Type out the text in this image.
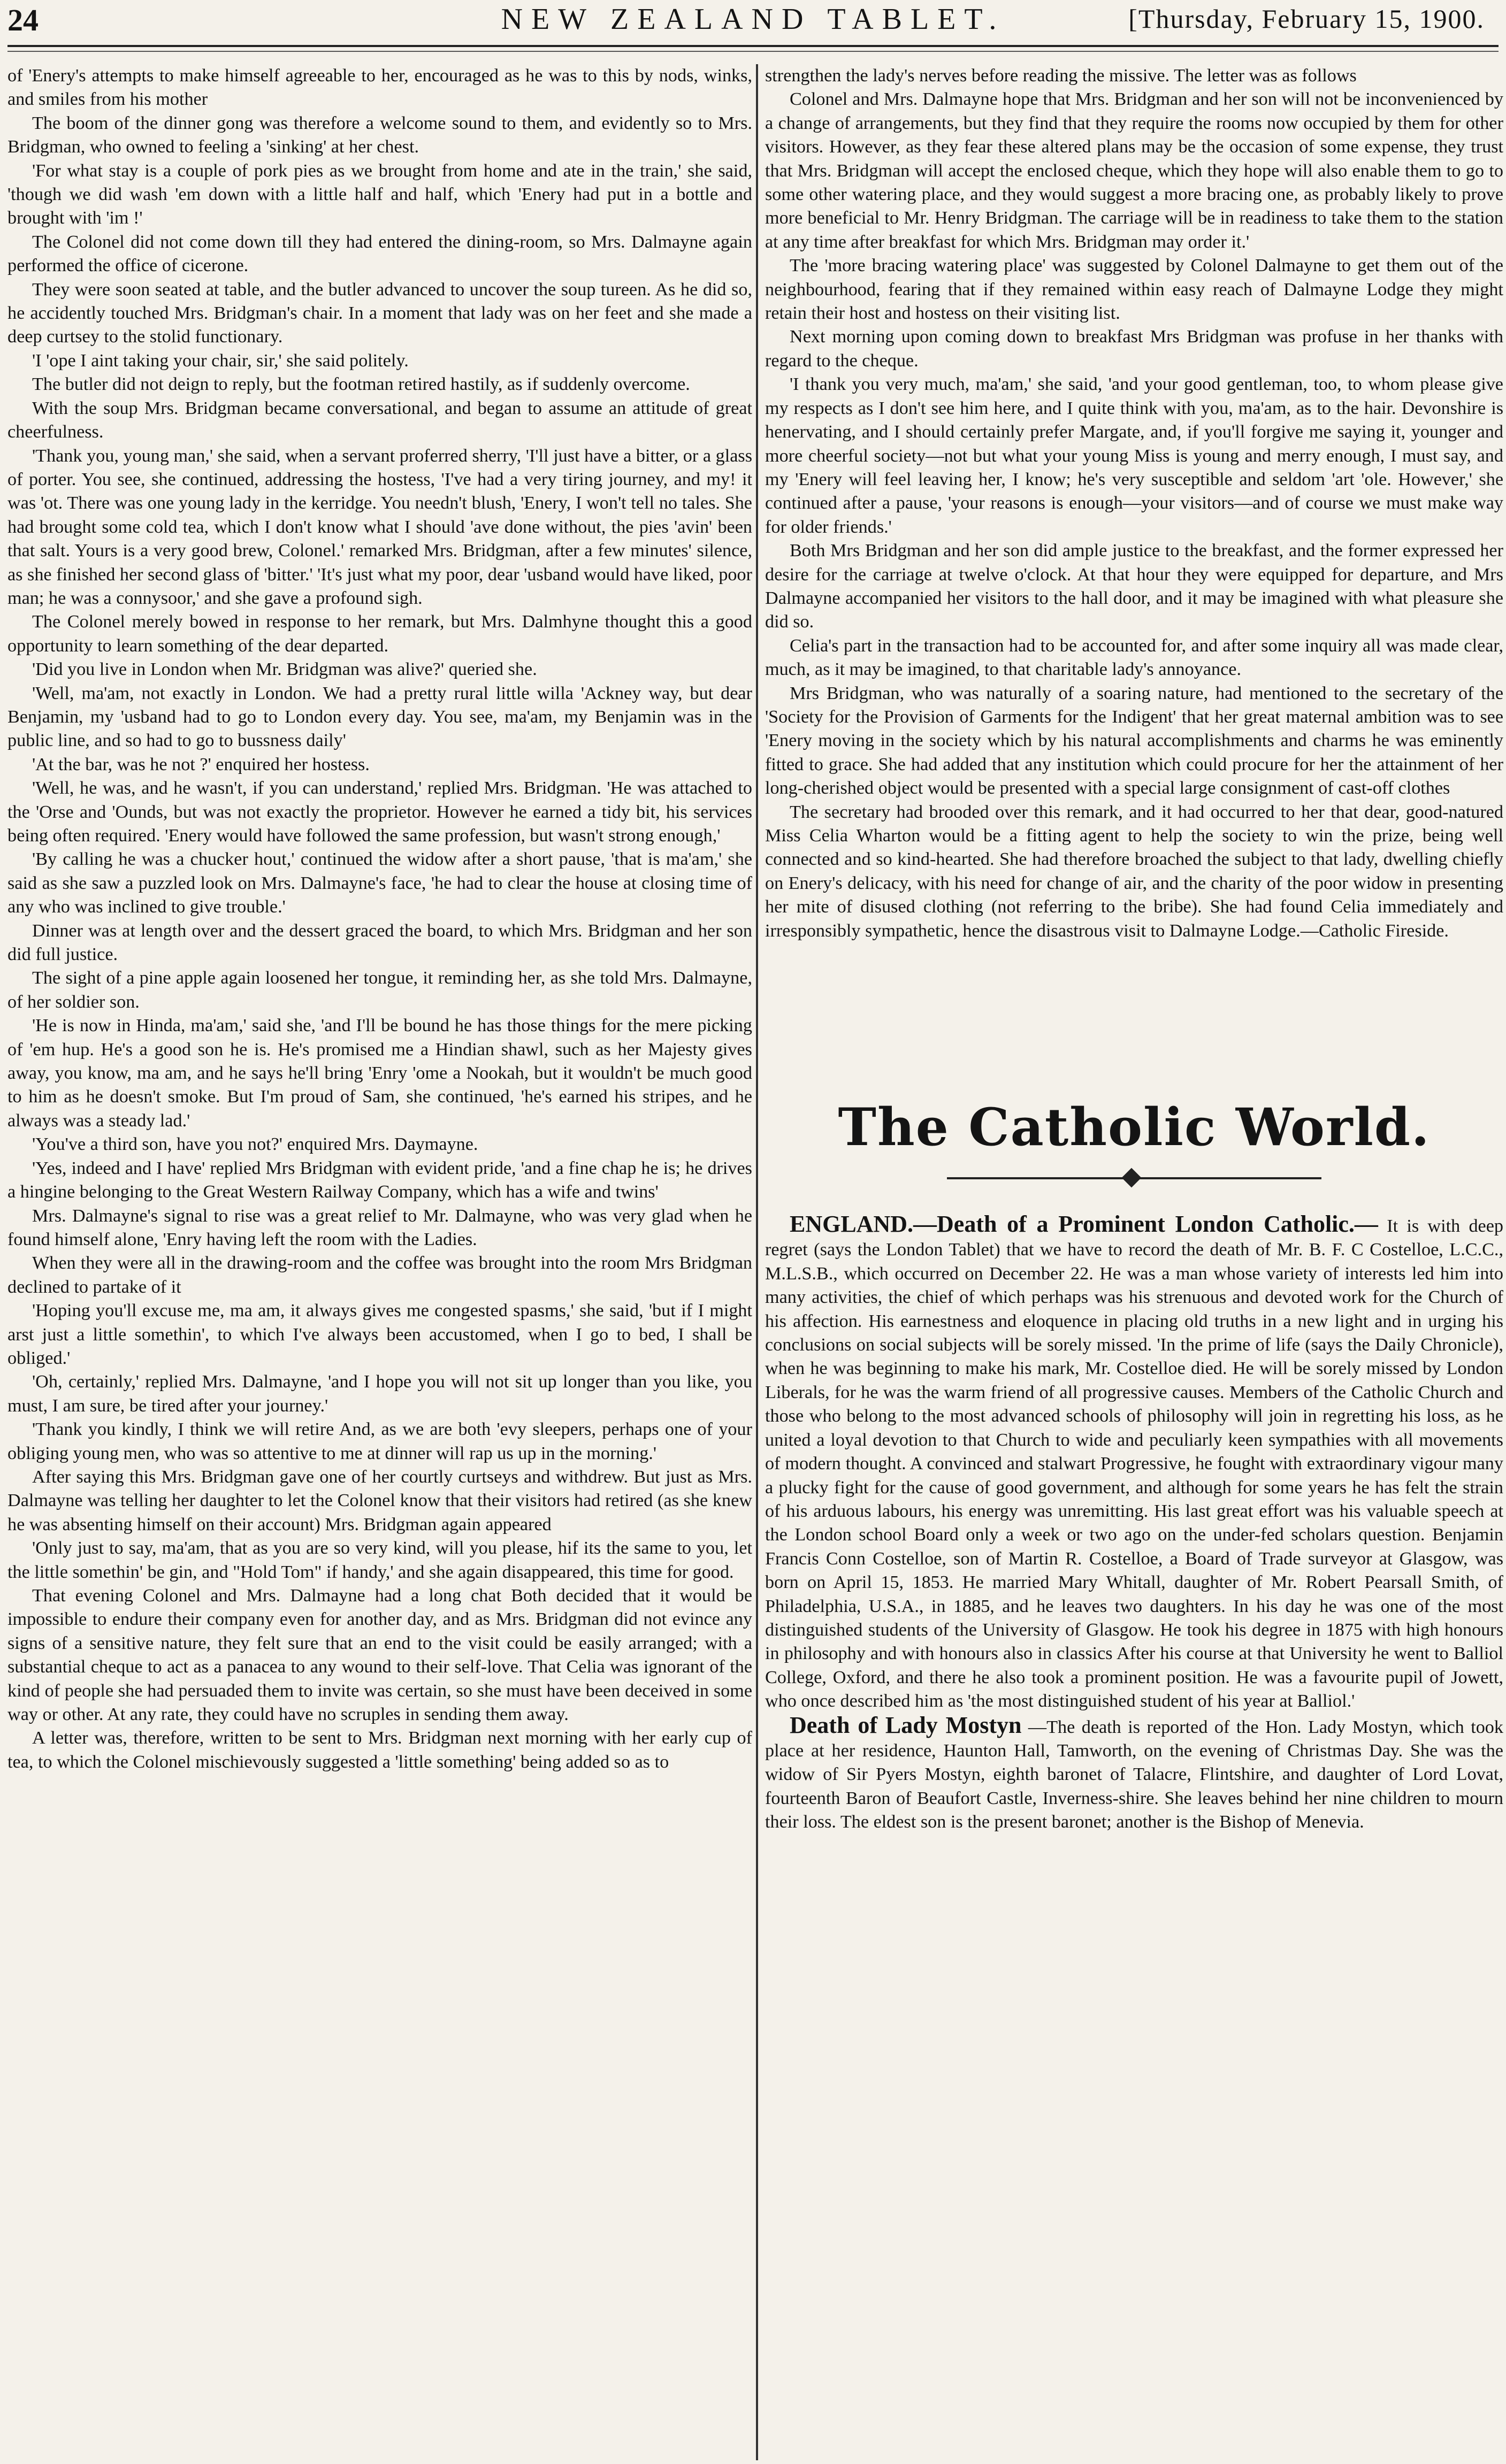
24	NEW ZEALAND TABLET.	[Thursday, February 15, 1900.

of 'Enery's attempts to make himself agreeable to her, encouraged as he was to this by nods, winks, and smiles from his mother

The boom of the dinner gong was therefore a welcome sound to them, and evidently so to Mrs. Bridgman, who owned to feeling a 'sinking' at her chest.

'For what stay is a couple of pork pies as we brought from home and ate in the train,' she said, 'though we did wash 'em down with a little half and half, which 'Enery had put in a bottle and brought with 'im !'

The Colonel did not come down till they had entered the dining-room, so Mrs. Dalmayne again performed the office of cicerone.

They were soon seated at table, and the butler advanced to uncover the soup tureen. As he did so, he accidently touched Mrs. Bridgman's chair. In a moment that lady was on her feet and she made a deep curtsey to the stolid functionary.

'I 'ope I aint taking your chair, sir,' she said politely.

The butler did not deign to reply, but the footman retired hastily, as if suddenly overcome.

With the soup Mrs. Bridgman became conversational, and began to assume an attitude of great cheerfulness.

'Thank you, young man,' she said, when a servant proferred sherry, 'I'll just have a bitter, or a glass of porter. You see, she continued, addressing the hostess, 'I've had a very tiring journey, and my! it was 'ot. There was one young lady in the kerridge. You needn't blush, 'Enery, I won't tell no tales. She had brought some cold tea, which I don't know what I should 'ave done without, the pies 'avin' been that salt. Yours is a very good brew, Colonel.' remarked Mrs. Bridgman, after a few minutes' silence, as she finished her second glass of 'bitter.' 'It's just what my poor, dear 'usband would have liked, poor man; he was a connysoor,' and she gave a profound sigh.

The Colonel merely bowed in response to her remark, but Mrs. Dalmhyne thought this a good opportunity to learn something of the dear departed.

'Did you live in London when Mr. Bridgman was alive?' queried she.

'Well, ma'am, not exactly in London. We had a pretty rural little willa 'Ackney way, but dear Benjamin, my 'usband had to go to London every day. You see, ma'am, my Benjamin was in the public line, and so had to go to bussness daily'

'At the bar, was he not ?' enquired her hostess.

'Well, he was, and he wasn't, if you can understand,' replied Mrs. Bridgman. 'He was attached to the 'Orse and 'Ounds, but was not exactly the proprietor. However he earned a tidy bit, his services being often required. 'Enery would have followed the same profession, but wasn't strong enough,'

'By calling he was a chucker hout,' continued the widow after a short pause, 'that is ma'am,' she said as she saw a puzzled look on Mrs. Dalmayne's face, 'he had to clear the house at closing time of any who was inclined to give trouble.'

Dinner was at length over and the dessert graced the board, to which Mrs. Bridgman and her son did full justice.

The sight of a pine apple again loosened her tongue, it reminding her, as she told Mrs. Dalmayne, of her soldier son.

'He is now in Hinda, ma'am,' said she, 'and I'll be bound he has those things for the mere picking of 'em hup. He's a good son he is. He's promised me a Hindian shawl, such as her Majesty gives away, you know, ma am, and he says he'll bring 'Enry 'ome a Nookah, but it wouldn't be much good to him as he doesn't smoke. But I'm proud of Sam, she continued, 'he's earned his stripes, and he always was a steady lad.'

'You've a third son, have you not?' enquired Mrs. Daymayne.

'Yes, indeed and I have' replied Mrs Bridgman with evident pride, 'and a fine chap he is; he drives a hingine belonging to the Great Western Railway Company, which has a wife and twins'

Mrs. Dalmayne's signal to rise was a great relief to Mr. Dalmayne, who was very glad when he found himself alone, 'Enry having left the room with the Ladies.

When they were all in the drawing-room and the coffee was brought into the room Mrs Bridgman declined to partake of it

'Hoping you'll excuse me, ma am, it always gives me congested spasms,' she said, 'but if I might arst just a little somethin', to which I've always been accustomed, when I go to bed, I shall be obliged.'

'Oh, certainly,' replied Mrs. Dalmayne, 'and I hope you will not sit up longer than you like, you must, I am sure, be tired after your journey.'

'Thank you kindly, I think we will retire And, as we are both 'evy sleepers, perhaps one of your obliging young men, who was so attentive to me at dinner will rap us up in the morning.'

After saying this Mrs. Bridgman gave one of her courtly curtseys and withdrew. But just as Mrs. Dalmayne was telling her daughter to let the Colonel know that their visitors had retired (as she knew he was absenting himself on their account) Mrs. Bridgman again appeared

'Only just to say, ma'am, that as you are so very kind, will you please, hif its the same to you, let the little somethin' be gin, and "Hold Tom" if handy,' and she again disappeared, this time for good.

That evening Colonel and Mrs. Dalmayne had a long chat Both decided that it would be impossible to endure their company even for another day, and as Mrs. Bridgman did not evince any signs of a sensitive nature, they felt sure that an end to the visit could be easily arranged; with a substantial cheque to act as a panacea to any wound to their self-love. That Celia was ignorant of the kind of people she had persuaded them to invite was certain, so she must have been deceived in some way or other. At any rate, they could have no scruples in sending them away.

A letter was, therefore, written to be sent to Mrs. Bridgman next morning with her early cup of tea, to which the Colonel mischievously suggested a 'little something' being added so as to

strengthen the lady's nerves before reading the missive. The letter was as follows

Colonel and Mrs. Dalmayne hope that Mrs. Bridgman and her son will not be inconvenienced by a change of arrangements, but they find that they require the rooms now occupied by them for other visitors. However, as they fear these altered plans may be the occasion of some expense, they trust that Mrs. Bridgman will accept the enclosed cheque, which they hope will also enable them to go to some other watering place, and they would suggest a more bracing one, as probably likely to prove more beneficial to Mr. Henry Bridgman. The carriage will be in readiness to take them to the station at any time after breakfast for which Mrs. Bridgman may order it.'

The 'more bracing watering place' was suggested by Colonel Dalmayne to get them out of the neighbourhood, fearing that if they remained within easy reach of Dalmayne Lodge they might retain their host and hostess on their visiting list.

Next morning upon coming down to breakfast Mrs Bridgman was profuse in her thanks with regard to the cheque.

'I thank you very much, ma'am,' she said, 'and your good gentleman, too, to whom please give my respects as I don't see him here, and I quite think with you, ma'am, as to the hair. Devonshire is henervating, and I should certainly prefer Margate, and, if you'll forgive me saying it, younger and more cheerful society—not but what your young Miss is young and merry enough, I must say, and my 'Enery will feel leaving her, I know; he's very susceptible and seldom 'art 'ole. However,' she continued after a pause, 'your reasons is enough—your visitors—and of course we must make way for older friends.'

Both Mrs Bridgman and her son did ample justice to the breakfast, and the former expressed her desire for the carriage at twelve o'clock. At that hour they were equipped for departure, and Mrs Dalmayne accompanied her visitors to the hall door, and it may be imagined with what pleasure she did so.

Celia's part in the transaction had to be accounted for, and after some inquiry all was made clear, much, as it may be imagined, to that charitable lady's annoyance.

Mrs Bridgman, who was naturally of a soaring nature, had mentioned to the secretary of the 'Society for the Provision of Garments for the Indigent' that her great maternal ambition was to see 'Enery moving in the society which by his natural accomplishments and charms he was eminently fitted to grace. She had added that any institution which could procure for her the attainment of her long-cherished object would be presented with a special large consignment of cast-off clothes

The secretary had brooded over this remark, and it had occurred to her that dear, good-natured Miss Celia Wharton would be a fitting agent to help the society to win the prize, being well connected and so kind-hearted. She had therefore broached the subject to that lady, dwelling chiefly on Enery's delicacy, with his need for change of air, and the charity of the poor widow in presenting her mite of disused clothing (not referring to the bribe). She had found Celia immediately and irresponsibly sympathetic, hence the disastrous visit to Dalmayne Lodge.—Catholic Fireside.

The Catholic World.

ENGLAND.—Death of a Prominent London Catholic.— It is with deep regret (says the London Tablet) that we have to record the death of Mr. B. F. C Costelloe, L.C.C., M.L.S.B., which occurred on December 22. He was a man whose variety of interests led him into many activities, the chief of which perhaps was his strenuous and devoted work for the Church of his affection. His earnestness and eloquence in placing old truths in a new light and in urging his conclusions on social subjects will be sorely missed. 'In the prime of life (says the Daily Chronicle), when he was beginning to make his mark, Mr. Costelloe died. He will be sorely missed by London Liberals, for he was the warm friend of all progressive causes. Members of the Catholic Church and those who belong to the most advanced schools of philosophy will join in regretting his loss, as he united a loyal devotion to that Church to wide and peculiarly keen sympathies with all movements of modern thought. A convinced and stalwart Progressive, he fought with extraordinary vigour many a plucky fight for the cause of good government, and although for some years he has felt the strain of his arduous labours, his energy was unremitting. His last great effort was his valuable speech at the London school Board only a week or two ago on the under-fed scholars question. Benjamin Francis Conn Costelloe, son of Martin R. Costelloe, a Board of Trade surveyor at Glasgow, was born on April 15, 1853. He married Mary Whitall, daughter of Mr. Robert Pearsall Smith, of Philadelphia, U.S.A., in 1885, and he leaves two daughters. In his day he was one of the most distinguished students of the University of Glasgow. He took his degree in 1875 with high honours in philosophy and with honours also in classics After his course at that University he went to Balliol College, Oxford, and there he also took a prominent position. He was a favourite pupil of Jowett, who once described him as 'the most distinguished student of his year at Balliol.'

Death of Lady Mostyn —The death is reported of the Hon. Lady Mostyn, which took place at her residence, Haunton Hall, Tamworth, on the evening of Christmas Day. She was the widow of Sir Pyers Mostyn, eighth baronet of Talacre, Flintshire, and daughter of Lord Lovat, fourteenth Baron of Beaufort Castle, Inverness-shire. She leaves behind her nine children to mourn their loss. The eldest son is the present baronet; another is the Bishop of Menevia.
